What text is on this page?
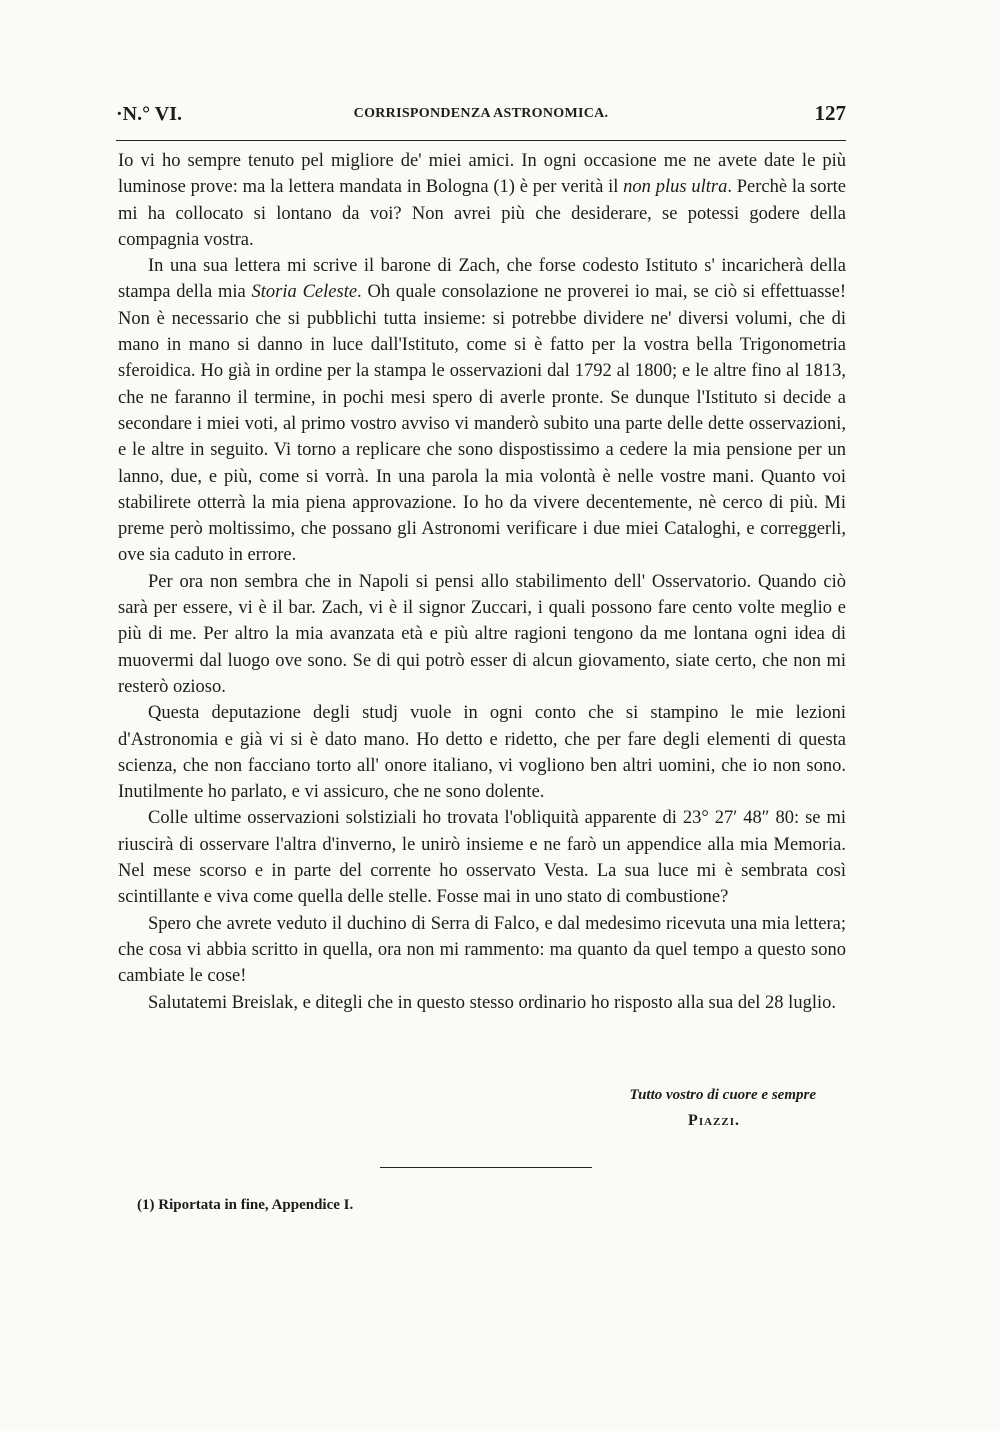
·N.° VI.	CORRISPONDENZA ASTRONOMICA.	127

Io vi ho sempre tenuto pel migliore de' miei amici. In ogni occasione me ne avete date le più luminose prove: ma la lettera mandata in Bologna (1) è per verità il non plus ultra. Perchè la sorte mi ha collocato si lontano da voi? Non avrei più che desiderare, se potessi godere della compagnia vostra.

In una sua lettera mi scrive il barone di Zach, che forse codesto Istituto s' incaricherà della stampa della mia Storia Celeste. Oh quale consolazione ne proverei io mai, se ciò si effettuasse! Non è necessario che si pubblichi tutta insieme: si potrebbe dividere ne' diversi volumi, che di mano in mano si danno in luce dall'Istituto, come si è fatto per la vostra bella Trigonometria sferoidica. Ho già in ordine per la stampa le osservazioni dal 1792 al 1800; e le altre fino al 1813, che ne faranno il termine, in pochi mesi spero di averle pronte. Se dunque l'Istituto si decide a secondare i miei voti, al primo vostro avviso vi manderò subito una parte delle dette osservazioni, e le altre in seguito. Vi torno a replicare che sono dispostissimo a cedere la mia pensione per un lanno, due, e più, come si vorrà. In una parola la mia volontà è nelle vostre mani. Quanto voi stabilirete otterrà la mia piena approvazione. Io ho da vivere decentemente, nè cerco di più. Mi preme però moltissimo, che possano gli Astronomi verificare i due miei Cataloghi, e correggerli, ove sia caduto in errore.

Per ora non sembra che in Napoli si pensi allo stabilimento dell' Osservatorio. Quando ciò sarà per essere, vi è il bar. Zach, vi è il signor Zuccari, i quali possono fare cento volte meglio e più di me. Per altro la mia avanzata età e più altre ragioni tengono da me lontana ogni idea di muovermi dal luogo ove sono. Se di qui potrò esser di alcun giovamento, siate certo, che non mi resterò ozioso.

Questa deputazione degli studj vuole in ogni conto che si stampino le mie lezioni d'Astronomia e già vi si è dato mano. Ho detto e ridetto, che per fare degli elementi di questa scienza, che non facciano torto all' onore italiano, vi vogliono ben altri uomini, che io non sono. Inutilmente ho parlato, e vi assicuro, che ne sono dolente.

Colle ultime osservazioni solstiziali ho trovata l'obliquità apparente di 23° 27′ 48″ 80: se mi riuscirà di osservare l'altra d'inverno, le unirò insieme e ne farò un appendice alla mia Memoria. Nel mese scorso e in parte del corrente ho osservato Vesta. La sua luce mi è sembrata così scintillante e viva come quella delle stelle. Fosse mai in uno stato di combustione?

Spero che avrete veduto il duchino di Serra di Falco, e dal medesimo ricevuta una mia lettera; che cosa vi abbia scritto in quella, ora non mi rammento: ma quanto da quel tempo a questo sono cambiate le cose!

Salutatemi Breislak, e ditegli che in questo stesso ordinario ho risposto alla sua del 28 luglio.

Tutto vostro di cuore e sempre
Piazzi.
(1) Riportata in fine, Appendice I.
